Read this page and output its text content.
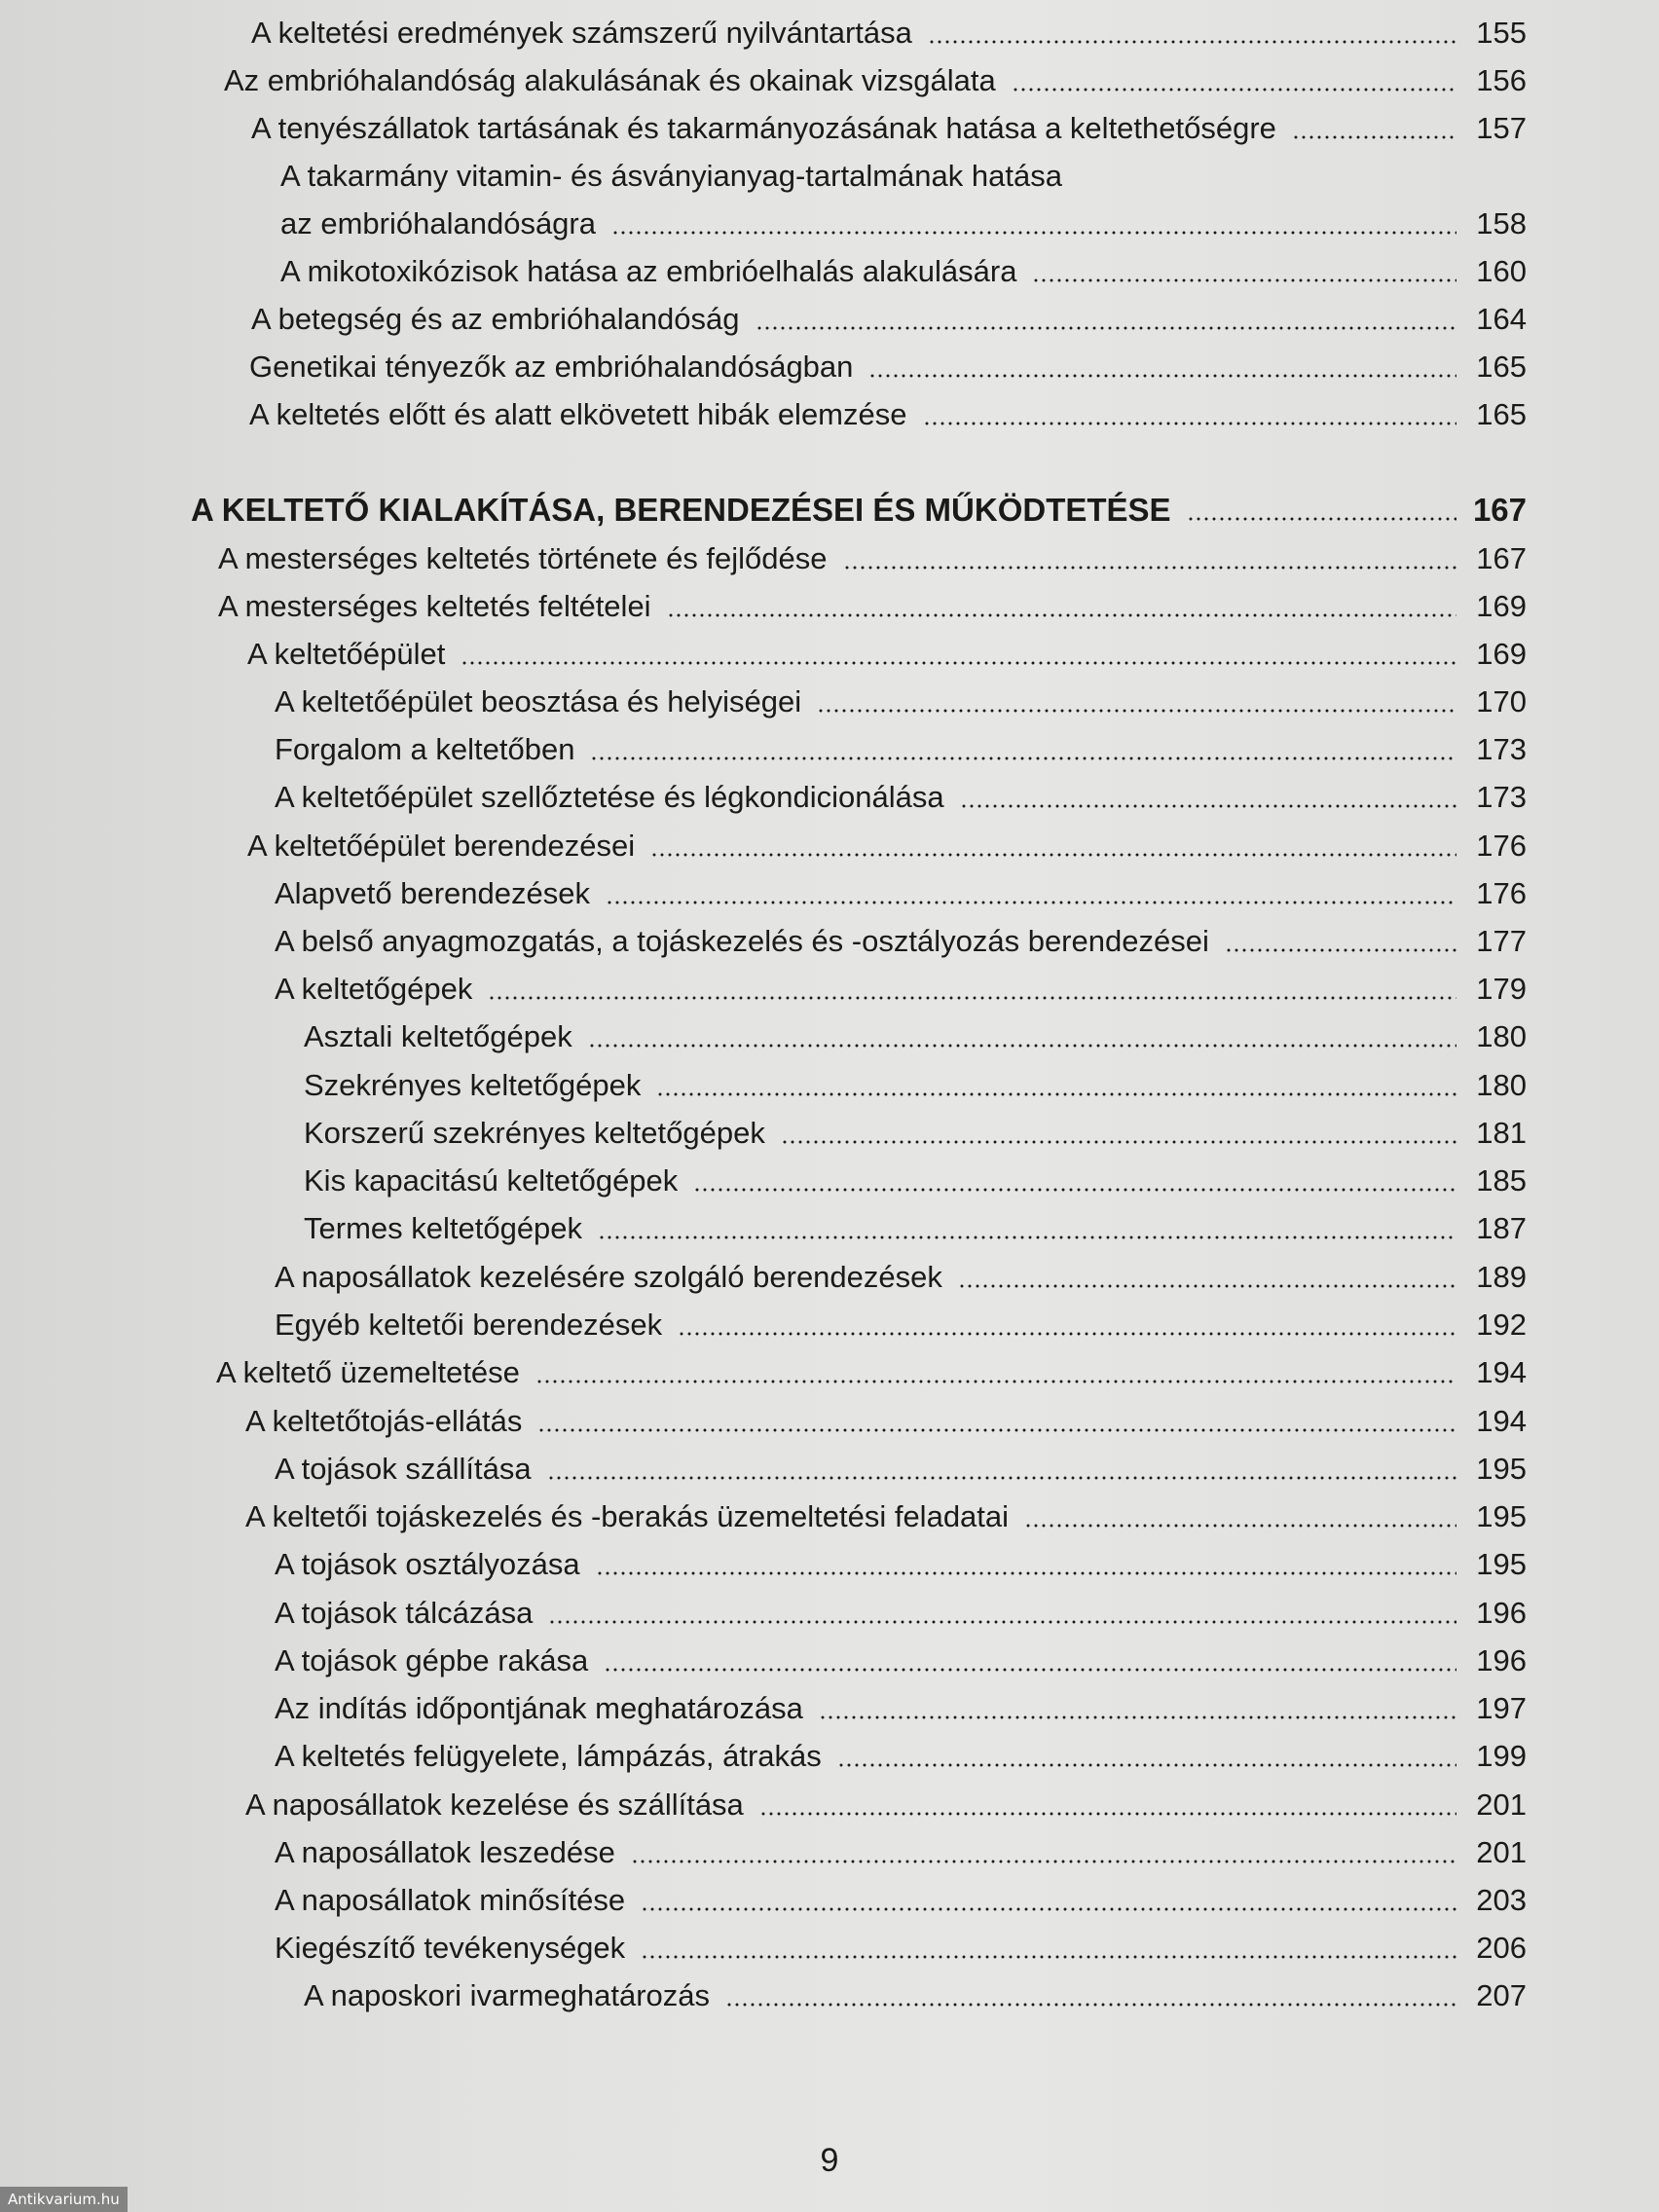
A keltetési eredmények számszerű nyilvántartása	155
Az embrióhalandóság alakulásának és okainak vizsgálata	156
A tenyészállatok tartásának és takarmányozásának hatása a keltethetőségre	157
A takarmány vitamin- és ásványianyag-tartalmának hatása
az embrióhalandóságra	158
A mikotoxikózisok hatása az embrióelhalás alakulására	160
A betegség és az embrióhalandóság	164
Genetikai tényezők az embrióhalandóságban	165
A keltetés előtt és alatt elkövetett hibák elemzése	165
A KELTETŐ KIALAKÍTÁSA, BERENDEZÉSEI ÉS MŰKÖDTETÉSE	167
A mesterséges keltetés története és fejlődése	167
A mesterséges keltetés feltételei	169
A keltetőépület	169
A keltetőépület beosztása és helyiségei	170
Forgalom a keltetőben	173
A keltetőépület szellőztetése és légkondicionálása	173
A keltetőépület berendezései	176
Alapvető berendezések	176
A belső anyagmozgatás, a tojáskezelés és -osztályozás berendezései	177
A keltetőgépek	179
Asztali keltetőgépek	180
Szekrényes keltetőgépek	180
Korszerű szekrényes keltetőgépek	181
Kis kapacitású keltetőgépek	185
Termes keltetőgépek	187
A naposállatok kezelésére szolgáló berendezések	189
Egyéb keltetői berendezések	192
A keltető üzemeltetése	194
A keltetőtojás-ellátás	194
A tojások szállítása	195
A keltetői tojáskezelés és -berakás üzemeltetési feladatai	195
A tojások osztályozása	195
A tojások tálcázása	196
A tojások gépbe rakása	196
Az indítás időpontjának meghatározása	197
A keltetés felügyelete, lámpázás, átrakás	199
A naposállatok kezelése és szállítása	201
A naposállatok leszedése	201
A naposállatok minősítése	203
Kiegészítő tevékenységek	206
A naposkori ivarmeghatározás	207
9
Antikvarium.hu
